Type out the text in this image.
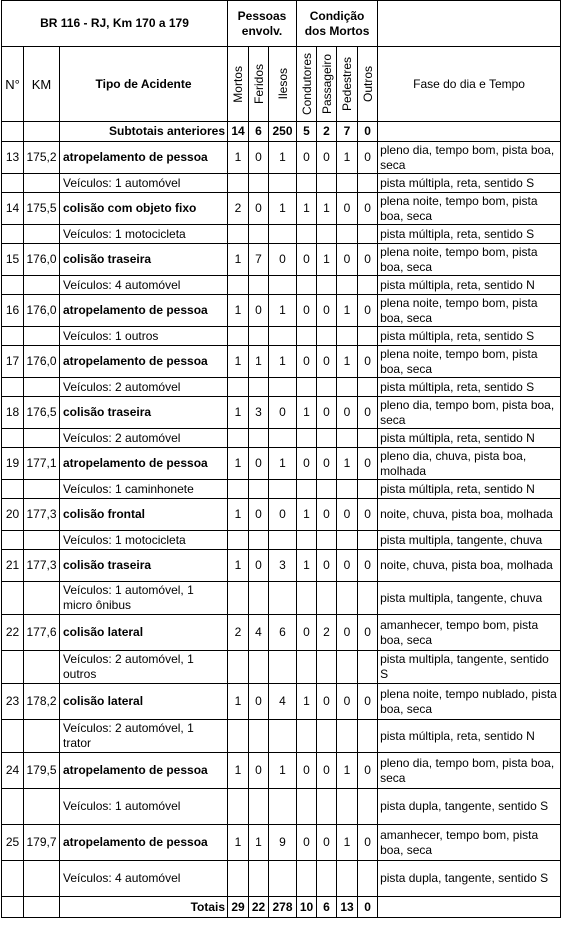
BR 116 - RJ, Km 170 a 179			Pessoas envolv.			Condição dos Mortos				
N°	KM	Tipo de Acidente	Mortos	Feridos	Ilesos	Condutores	Passageiro	Pedestres	Outros	Fase do dia e Tempo
		Subtotais anteriores	14	6	250	5	2	7	0	
13	175,2	atropelamento de pessoa	1	0	1	0	0	1	0	pleno dia, tempo bom, pista boa, seca
		Veículos: 1 automóvel								pista múltipla, reta, sentido S
14	175,5	colisão com objeto fixo	2	0	1	1	1	0	0	plena noite, tempo bom, pista boa, seca
		Veículos: 1 motocicleta								pista múltipla, reta, sentido S
15	176,0	colisão traseira	1	7	0	0	1	0	0	plena noite, tempo bom, pista boa, seca
		Veículos: 4 automóvel								pista múltipla, reta, sentido N
16	176,0	atropelamento de pessoa	1	0	1	0	0	1	0	plena noite, tempo bom, pista boa, seca
		Veículos: 1 outros								pista múltipla, reta, sentido S
17	176,0	atropelamento de pessoa	1	1	1	0	0	1	0	plena noite, tempo bom, pista boa, seca
		Veículos: 2 automóvel								pista múltipla, reta, sentido S
18	176,5	colisão traseira	1	3	0	1	0	0	0	pleno dia, tempo bom, pista boa, seca
		Veículos: 2 automóvel								pista múltipla, reta, sentido N
19	177,1	atropelamento de pessoa	1	0	1	0	0	1	0	pleno dia, chuva, pista boa, molhada
		Veículos: 1 caminhonete								pista múltipla, reta, sentido N
20	177,3	colisão frontal	1	0	0	1	0	0	0	noite, chuva, pista boa, molhada
		Veículos: 1 motocicleta								pista multipla, tangente, chuva
21	177,3	colisão traseira	1	0	3	1	0	0	0	noite, chuva, pista boa, molhada
		Veículos: 1 automóvel, 1 micro ônibus								pista multipla, tangente, chuva
22	177,6	colisão lateral	2	4	6	0	2	0	0	amanhecer, tempo bom, pista boa, seca
		Veículos: 2 automóvel, 1 outros								pista multipla, tangente, sentido S
23	178,2	colisão lateral	1	0	4	1	0	0	0	plena noite, tempo nublado, pista boa, seca
		Veículos: 2 automóvel, 1 trator								pista múltipla, reta, sentido N
24	179,5	atropelamento de pessoa	1	0	1	0	0	1	0	pleno dia, tempo bom, pista boa, seca
		Veículos: 1 automóvel								pista dupla, tangente, sentido S
25	179,7	atropelamento de pessoa	1	1	9	0	0	1	0	amanhecer, tempo bom, pista boa, seca
		Veículos: 4 automóvel								pista dupla, tangente, sentido S
		Totais	29	22	278	10	6	13	0	
